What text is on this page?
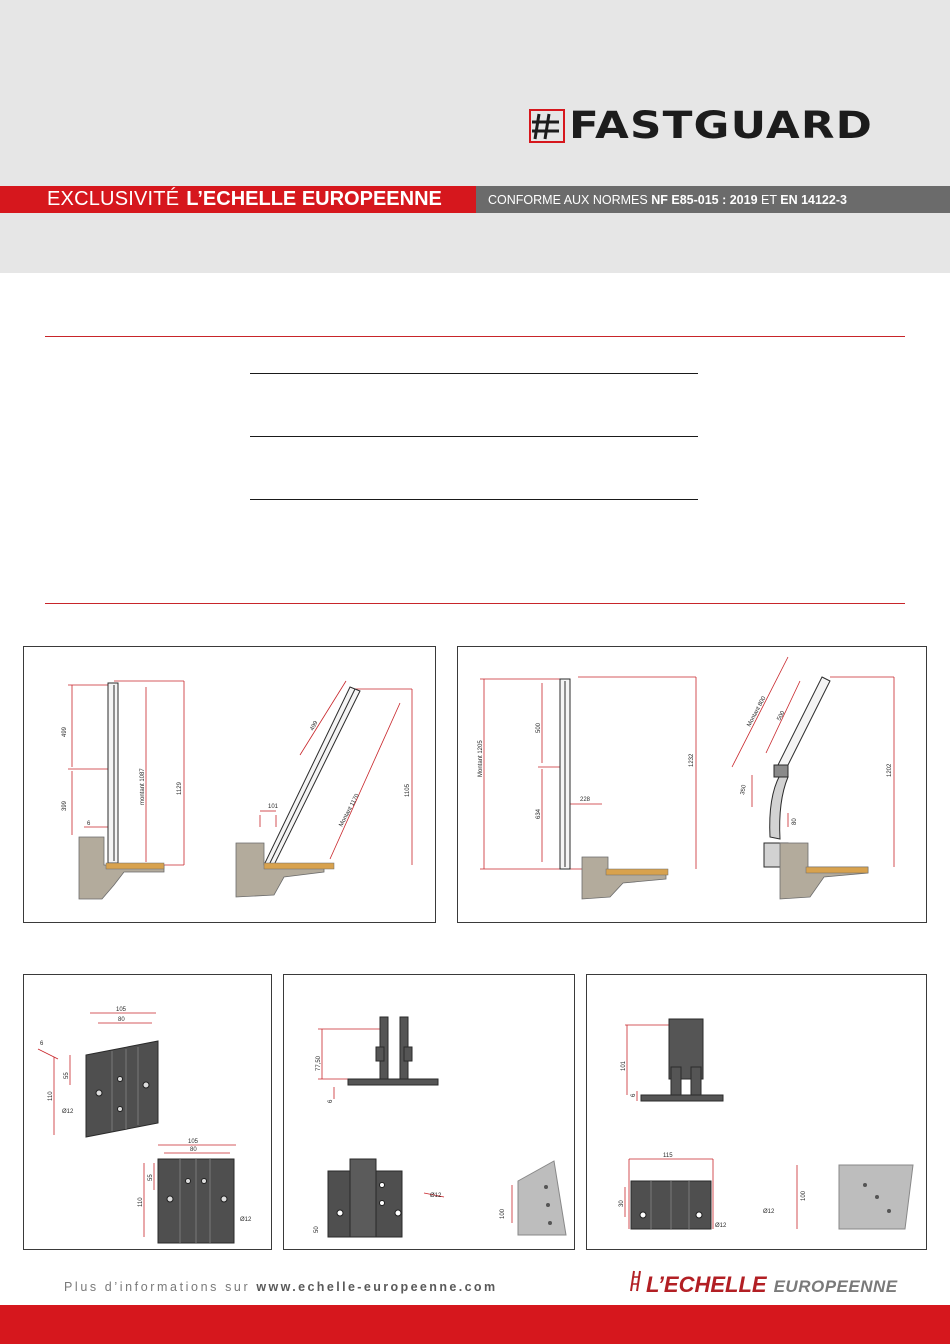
FASTGUARD
EXCLUSIVITÉ L’ECHELLE EUROPEENNE	CONFORME AUX NORMES NF E85-015 : 2019 ET EN 14122-3
499
399
6
montant 1087	1129
101
499
Montant 1170
1105
Montant 1205
500
634
228
1232
Montant 800 500
350
80
1202
105
80
6
55
110
Ø12
105
80
55
110
Ø12
77,50
6
Ø12
50
100
101
6
115
30
Ø12
Ø12
100
Plus d’informations sur www.echelle-europeenne.com	L’ECHELLE EUROPEENNE
